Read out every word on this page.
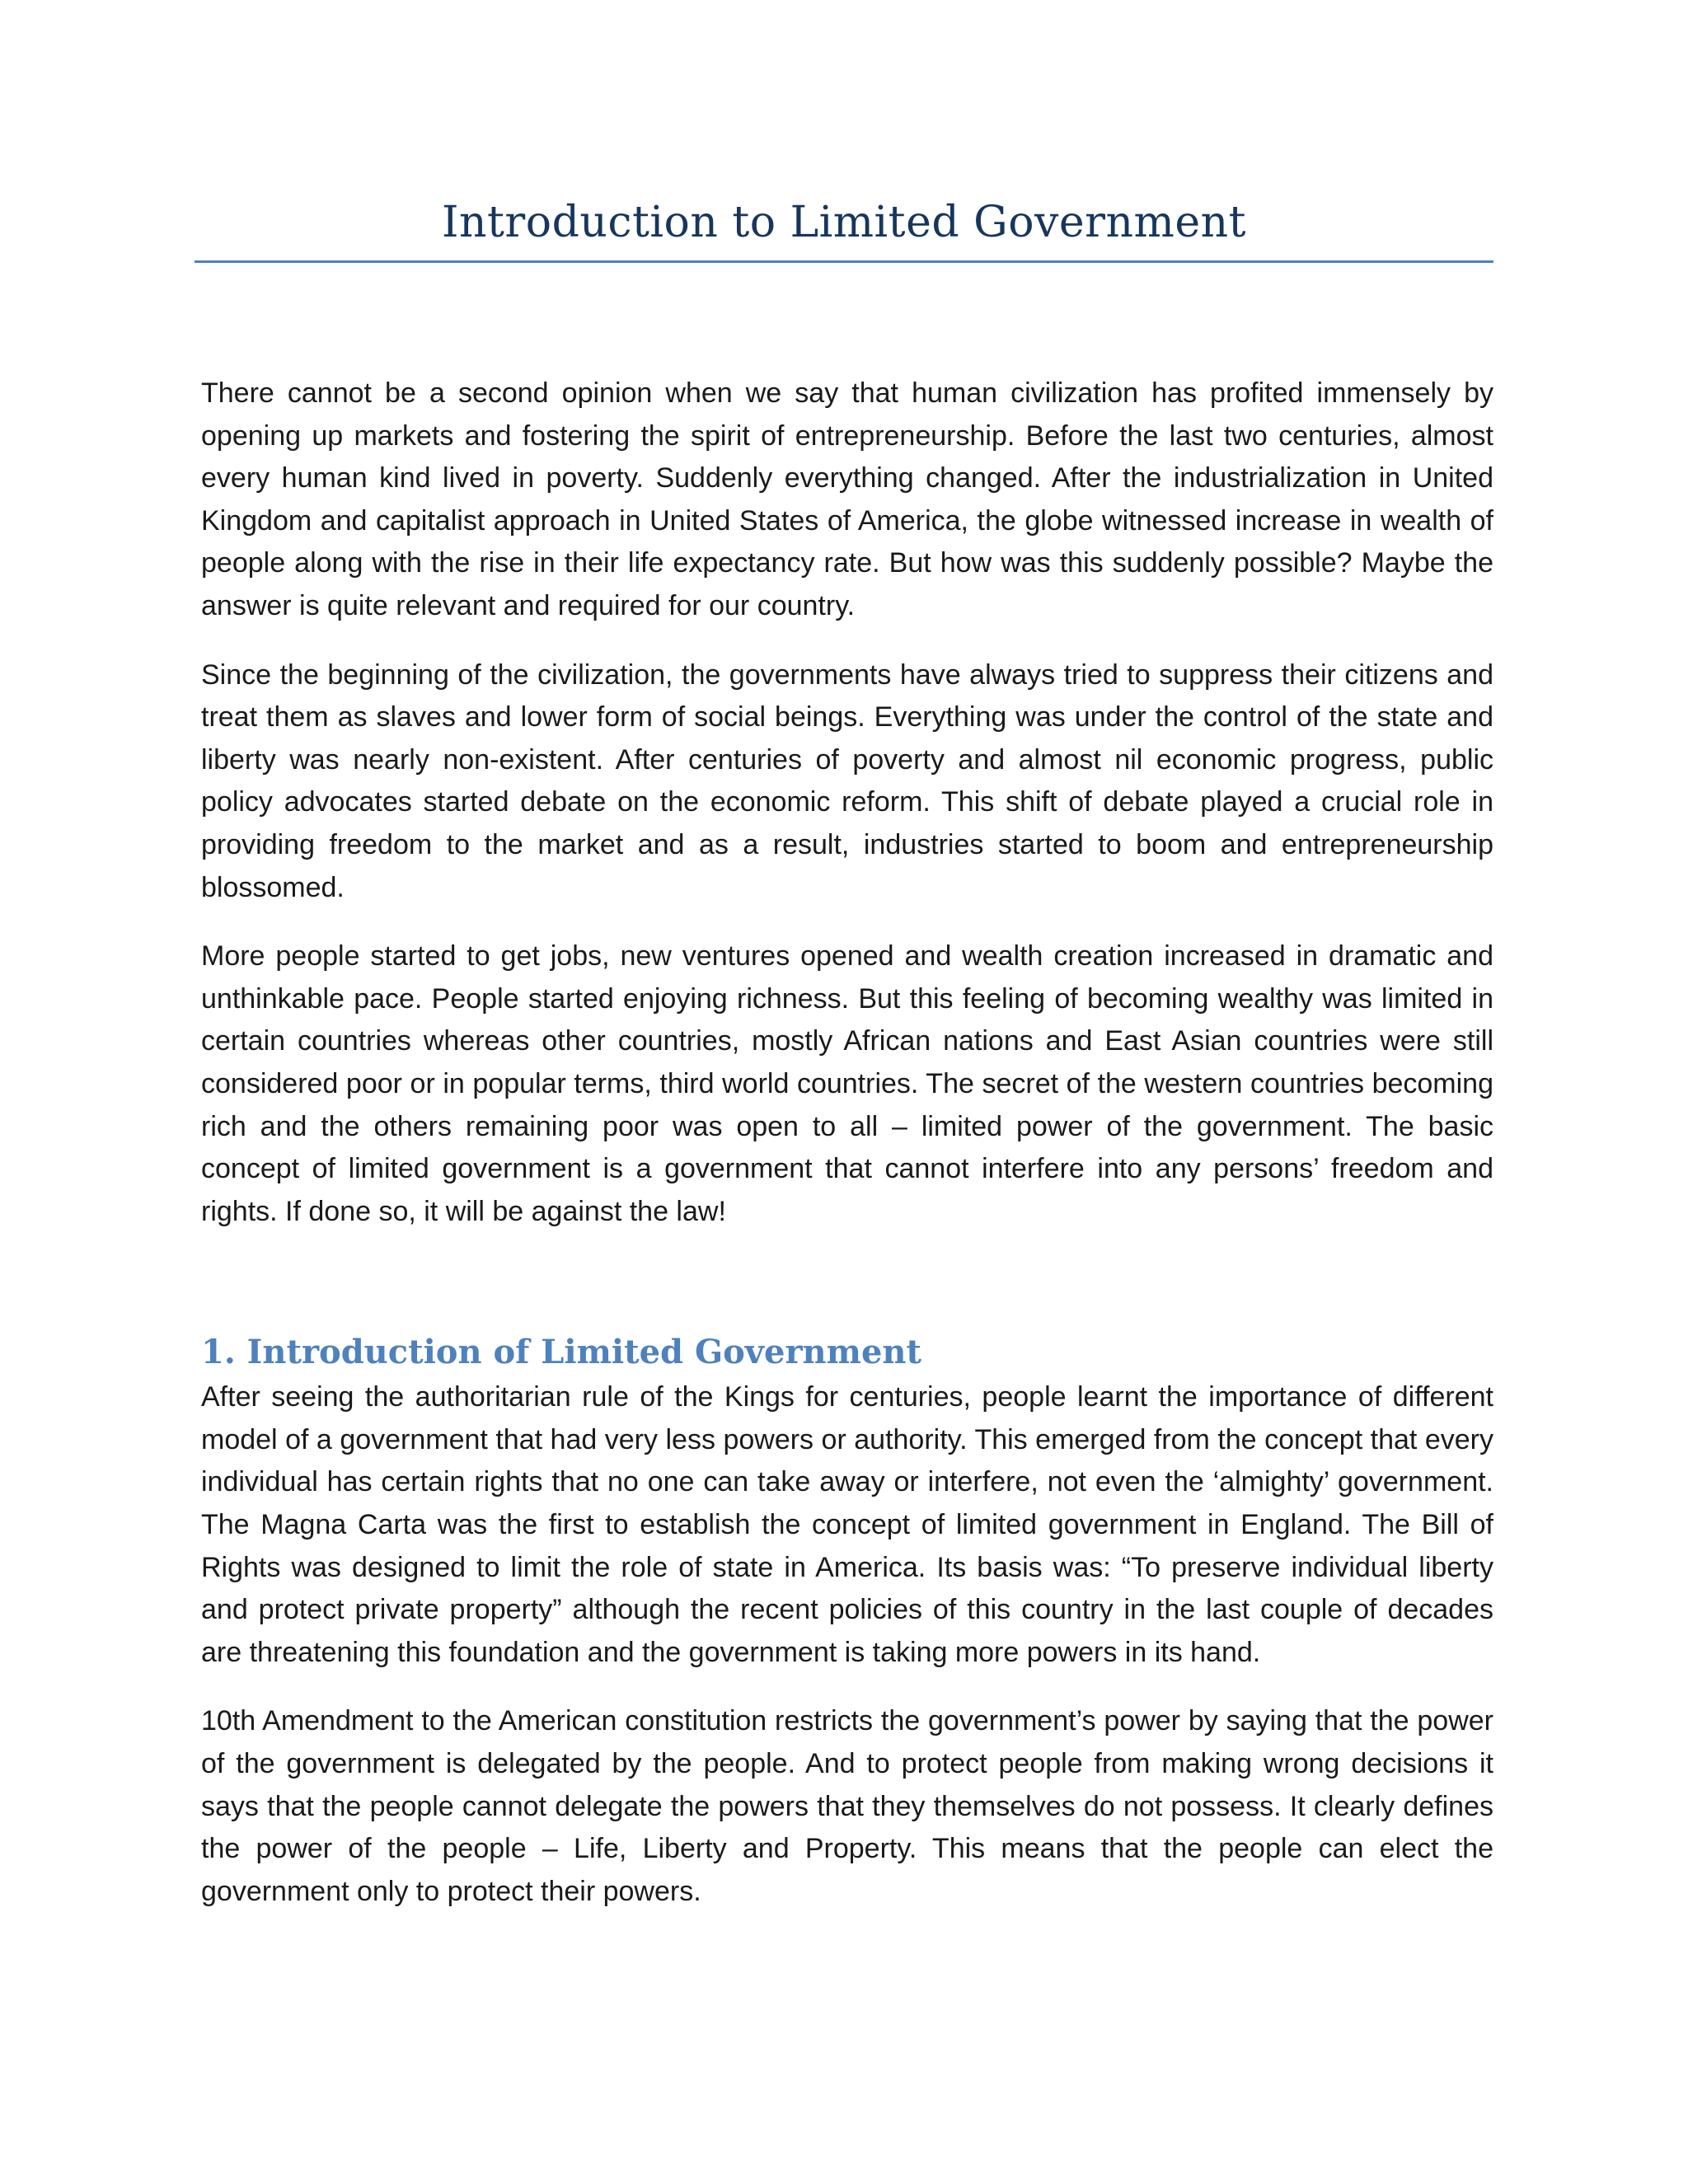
Introduction to Limited Government

There cannot be a second opinion when we say that human civilization has profited immensely by opening up markets and fostering the spirit of entrepreneurship. Before the last two centuries, almost every human kind lived in poverty. Suddenly everything changed. After the industrialization in United Kingdom and capitalist approach in United States of America, the globe witnessed increase in wealth of people along with the rise in their life expectancy rate. But how was this suddenly possible? Maybe the answer is quite relevant and required for our country.

Since the beginning of the civilization, the governments have always tried to suppress their citizens and treat them as slaves and lower form of social beings. Everything was under the control of the state and liberty was nearly non-existent. After centuries of poverty and almost nil economic progress, public policy advocates started debate on the economic reform. This shift of debate played a crucial role in providing freedom to the market and as a result, industries started to boom and entrepreneurship blossomed.

More people started to get jobs, new ventures opened and wealth creation increased in dramatic and unthinkable pace. People started enjoying richness. But this feeling of becoming wealthy was limited in certain countries whereas other countries, mostly African nations and East Asian countries were still considered poor or in popular terms, third world countries. The secret of the western countries becoming rich and the others remaining poor was open to all – limited power of the government. The basic concept of limited government is a government that cannot interfere into any persons’ freedom and rights. If done so, it will be against the law!

1. Introduction of Limited Government

After seeing the authoritarian rule of the Kings for centuries, people learnt the importance of different model of a government that had very less powers or authority. This emerged from the concept that every individual has certain rights that no one can take away or interfere, not even the ‘almighty’ government. The Magna Carta was the first to establish the concept of limited government in England. The Bill of Rights was designed to limit the role of state in America. Its basis was: “To preserve individual liberty and protect private property” although the recent policies of this country in the last couple of decades are threatening this foundation and the government is taking more powers in its hand.

10th Amendment to the American constitution restricts the government’s power by saying that the power of the government is delegated by the people. And to protect people from making wrong decisions it says that the people cannot delegate the powers that they themselves do not possess. It clearly defines the power of the people – Life, Liberty and Property. This means that the people can elect the government only to protect their powers.
